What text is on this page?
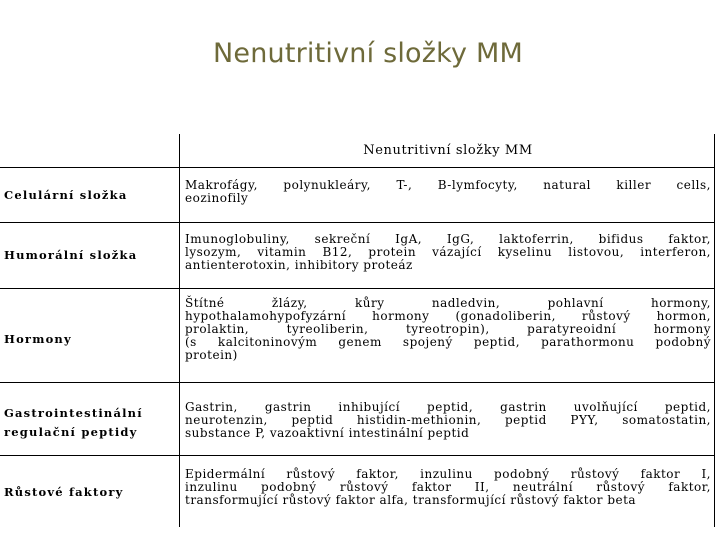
Nenutritivní složky MM
Nenutritivní složky MM
Celulární složka
Makrofágy, polynukleáry, T-, B-lymfocyty, natural killer cells,
eozinofily
Humorální složka
Imunoglobuliny, sekreční IgA, IgG, laktoferrin, bifidus faktor,
lysozym, vitamin B12, protein vázající kyselinu listovou, interferon,
antienterotoxin, inhibitory proteáz
Hormony
Štítné žlázy, kůry nadledvin, pohlavní hormony,
hypothalamohypofyzární hormony (gonadoliberin, růstový hormon,
prolaktin, tyreoliberin, tyreotropin), paratyreoidní hormony
(s kalcitoninovým genem spojený peptid, parathormonu podobný
protein)
Gastrointestinální
regulační peptidy
Gastrin, gastrin inhibující peptid, gastrin uvolňující peptid,
neurotenzin, peptid histidin-methionin, peptid PYY, somatostatin,
substance P, vazoaktivní intestinální peptid
Růstové faktory
Epidermální růstový faktor, inzulinu podobný růstový faktor I,
inzulinu podobný růstový faktor II, neutrální růstový faktor,
transformující růstový faktor alfa, transformující růstový faktor beta
